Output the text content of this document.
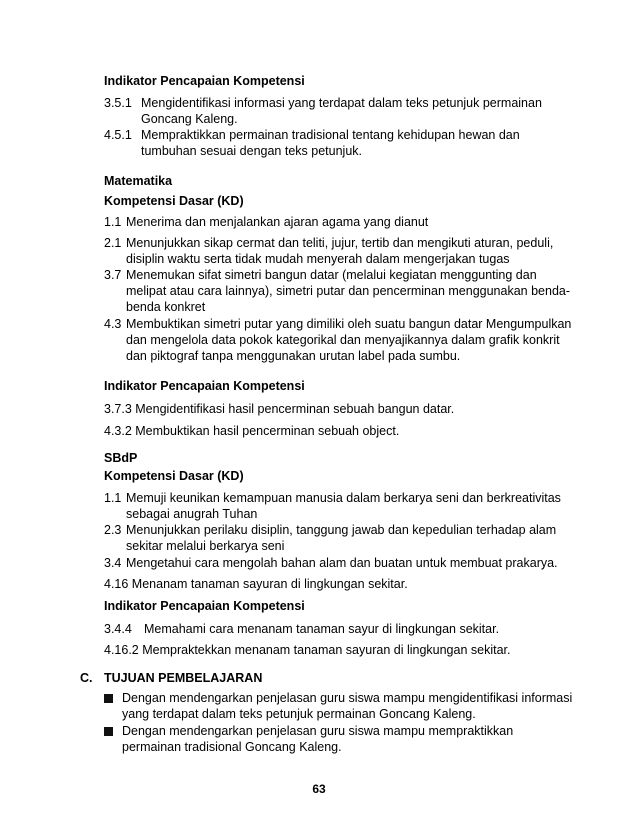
Indikator Pencapaian Kompetensi
3.5.1 Mengidentifikasi informasi yang terdapat dalam teks petunjuk permainan Goncang Kaleng.
4.5.1 Mempraktikkan permainan tradisional tentang kehidupan hewan dan tumbuhan sesuai dengan teks petunjuk.
Matematika
Kompetensi Dasar (KD)
1.1 Menerima dan menjalankan ajaran agama yang dianut
2.1 Menunjukkan sikap cermat dan teliti, jujur, tertib dan mengikuti aturan, peduli, disiplin waktu serta tidak mudah menyerah dalam mengerjakan tugas
3.7 Menemukan sifat simetri bangun datar (melalui kegiatan menggunting dan melipat atau cara lainnya), simetri putar dan pencerminan menggunakan benda-benda konkret
4.3 Membuktikan simetri putar yang dimiliki oleh suatu bangun datar Mengumpulkan dan mengelola data pokok kategorikal dan menyajikannya dalam grafik konkrit dan piktograf tanpa menggunakan urutan label pada sumbu.
Indikator Pencapaian Kompetensi
3.7.3 Mengidentifikasi hasil pencerminan sebuah bangun datar.
4.3.2 Membuktikan hasil pencerminan sebuah object.
SBdP
Kompetensi Dasar (KD)
1.1 Memuji keunikan kemampuan manusia dalam berkarya seni dan berkreativitas sebagai anugrah Tuhan
2.3 Menunjukkan perilaku disiplin, tanggung jawab dan kepedulian terhadap alam sekitar melalui berkarya seni
3.4 Mengetahui cara mengolah bahan alam dan buatan untuk membuat prakarya.
4.16 Menanam tanaman sayuran di lingkungan sekitar.
Indikator Pencapaian Kompetensi
3.4.4 Memahami cara menanam tanaman sayur di lingkungan sekitar.
4.16.2 Mempraktekkan menanam tanaman sayuran di lingkungan sekitar.
C. TUJUAN PEMBELAJARAN
Dengan mendengarkan penjelasan guru siswa mampu mengidentifikasi informasi yang terdapat dalam teks petunjuk permainan Goncang Kaleng.
Dengan mendengarkan penjelasan guru siswa mampu mempraktikkan permainan tradisional Goncang Kaleng.
63
